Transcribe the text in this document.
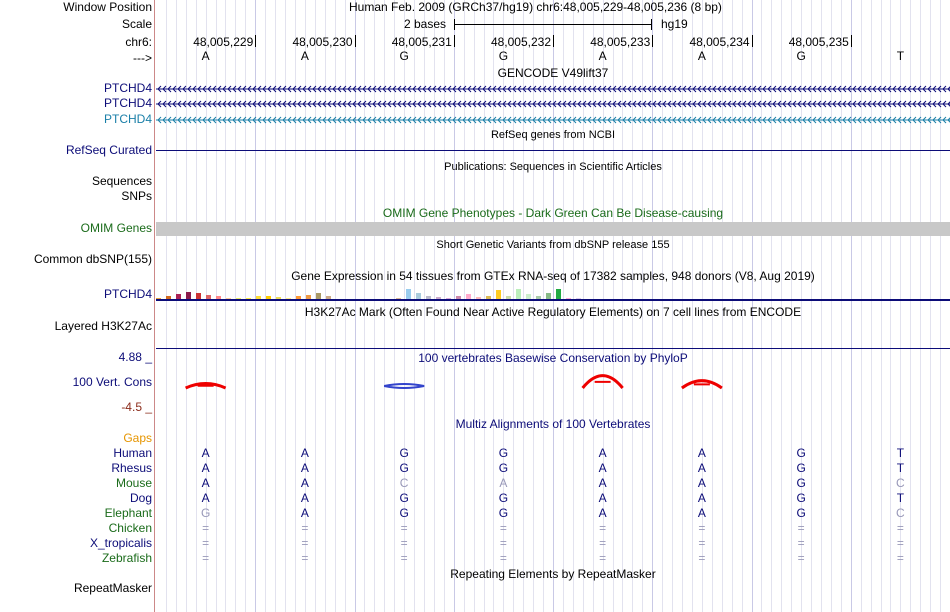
Window Position
Scale
chr6:
--->
Human Feb. 2009 (GRCh37/hg19) chr6:48,005,229-48,005,236 (8 bp)
2 bases	hg19
48,005,229	48,005,230	48,005,231	48,005,232	48,005,233	48,005,234	48,005,235
A	A	G	G	A	A	G	T
GENCODE V49lift37
PTCHD4
PTCHD4
PTCHD4
RefSeq genes from NCBI
RefSeq Curated
Publications: Sequences in Scientific Articles
Sequences
SNPs
OMIM Gene Phenotypes - Dark Green Can Be Disease-causing
OMIM Genes
Short Genetic Variants from dbSNP release 155
Common dbSNP(155)
Gene Expression in 54 tissues from GTEx RNA-seq of 17382 samples, 948 donors (V8, Aug 2019)
PTCHD4
H3K27Ac Mark (Often Found Near Active Regulatory Elements) on 7 cell lines from ENCODE
Layered H3K27Ac
4.88 _	100 vertebrates Basewise Conservation by PhyloP
100 Vert. Cons
-4.5 _
Multiz Alignments of 100 Vertebrates
Gaps
Human	A	A	G	G	A	A	G	T
Rhesus	A	A	G	G	A	A	G	T
Mouse	A	A	C	A	A	A	G	C
Dog	A	A	G	G	A	A	G	T
Elephant	G	A	G	G	A	A	G	C
Chicken	=	=	=	=	=	=	=	=
X_tropicalis	=	=	=	=	=	=	=	=
Zebrafish	=	=	=	=	=	=	=	=
Repeating Elements by RepeatMasker
RepeatMasker
